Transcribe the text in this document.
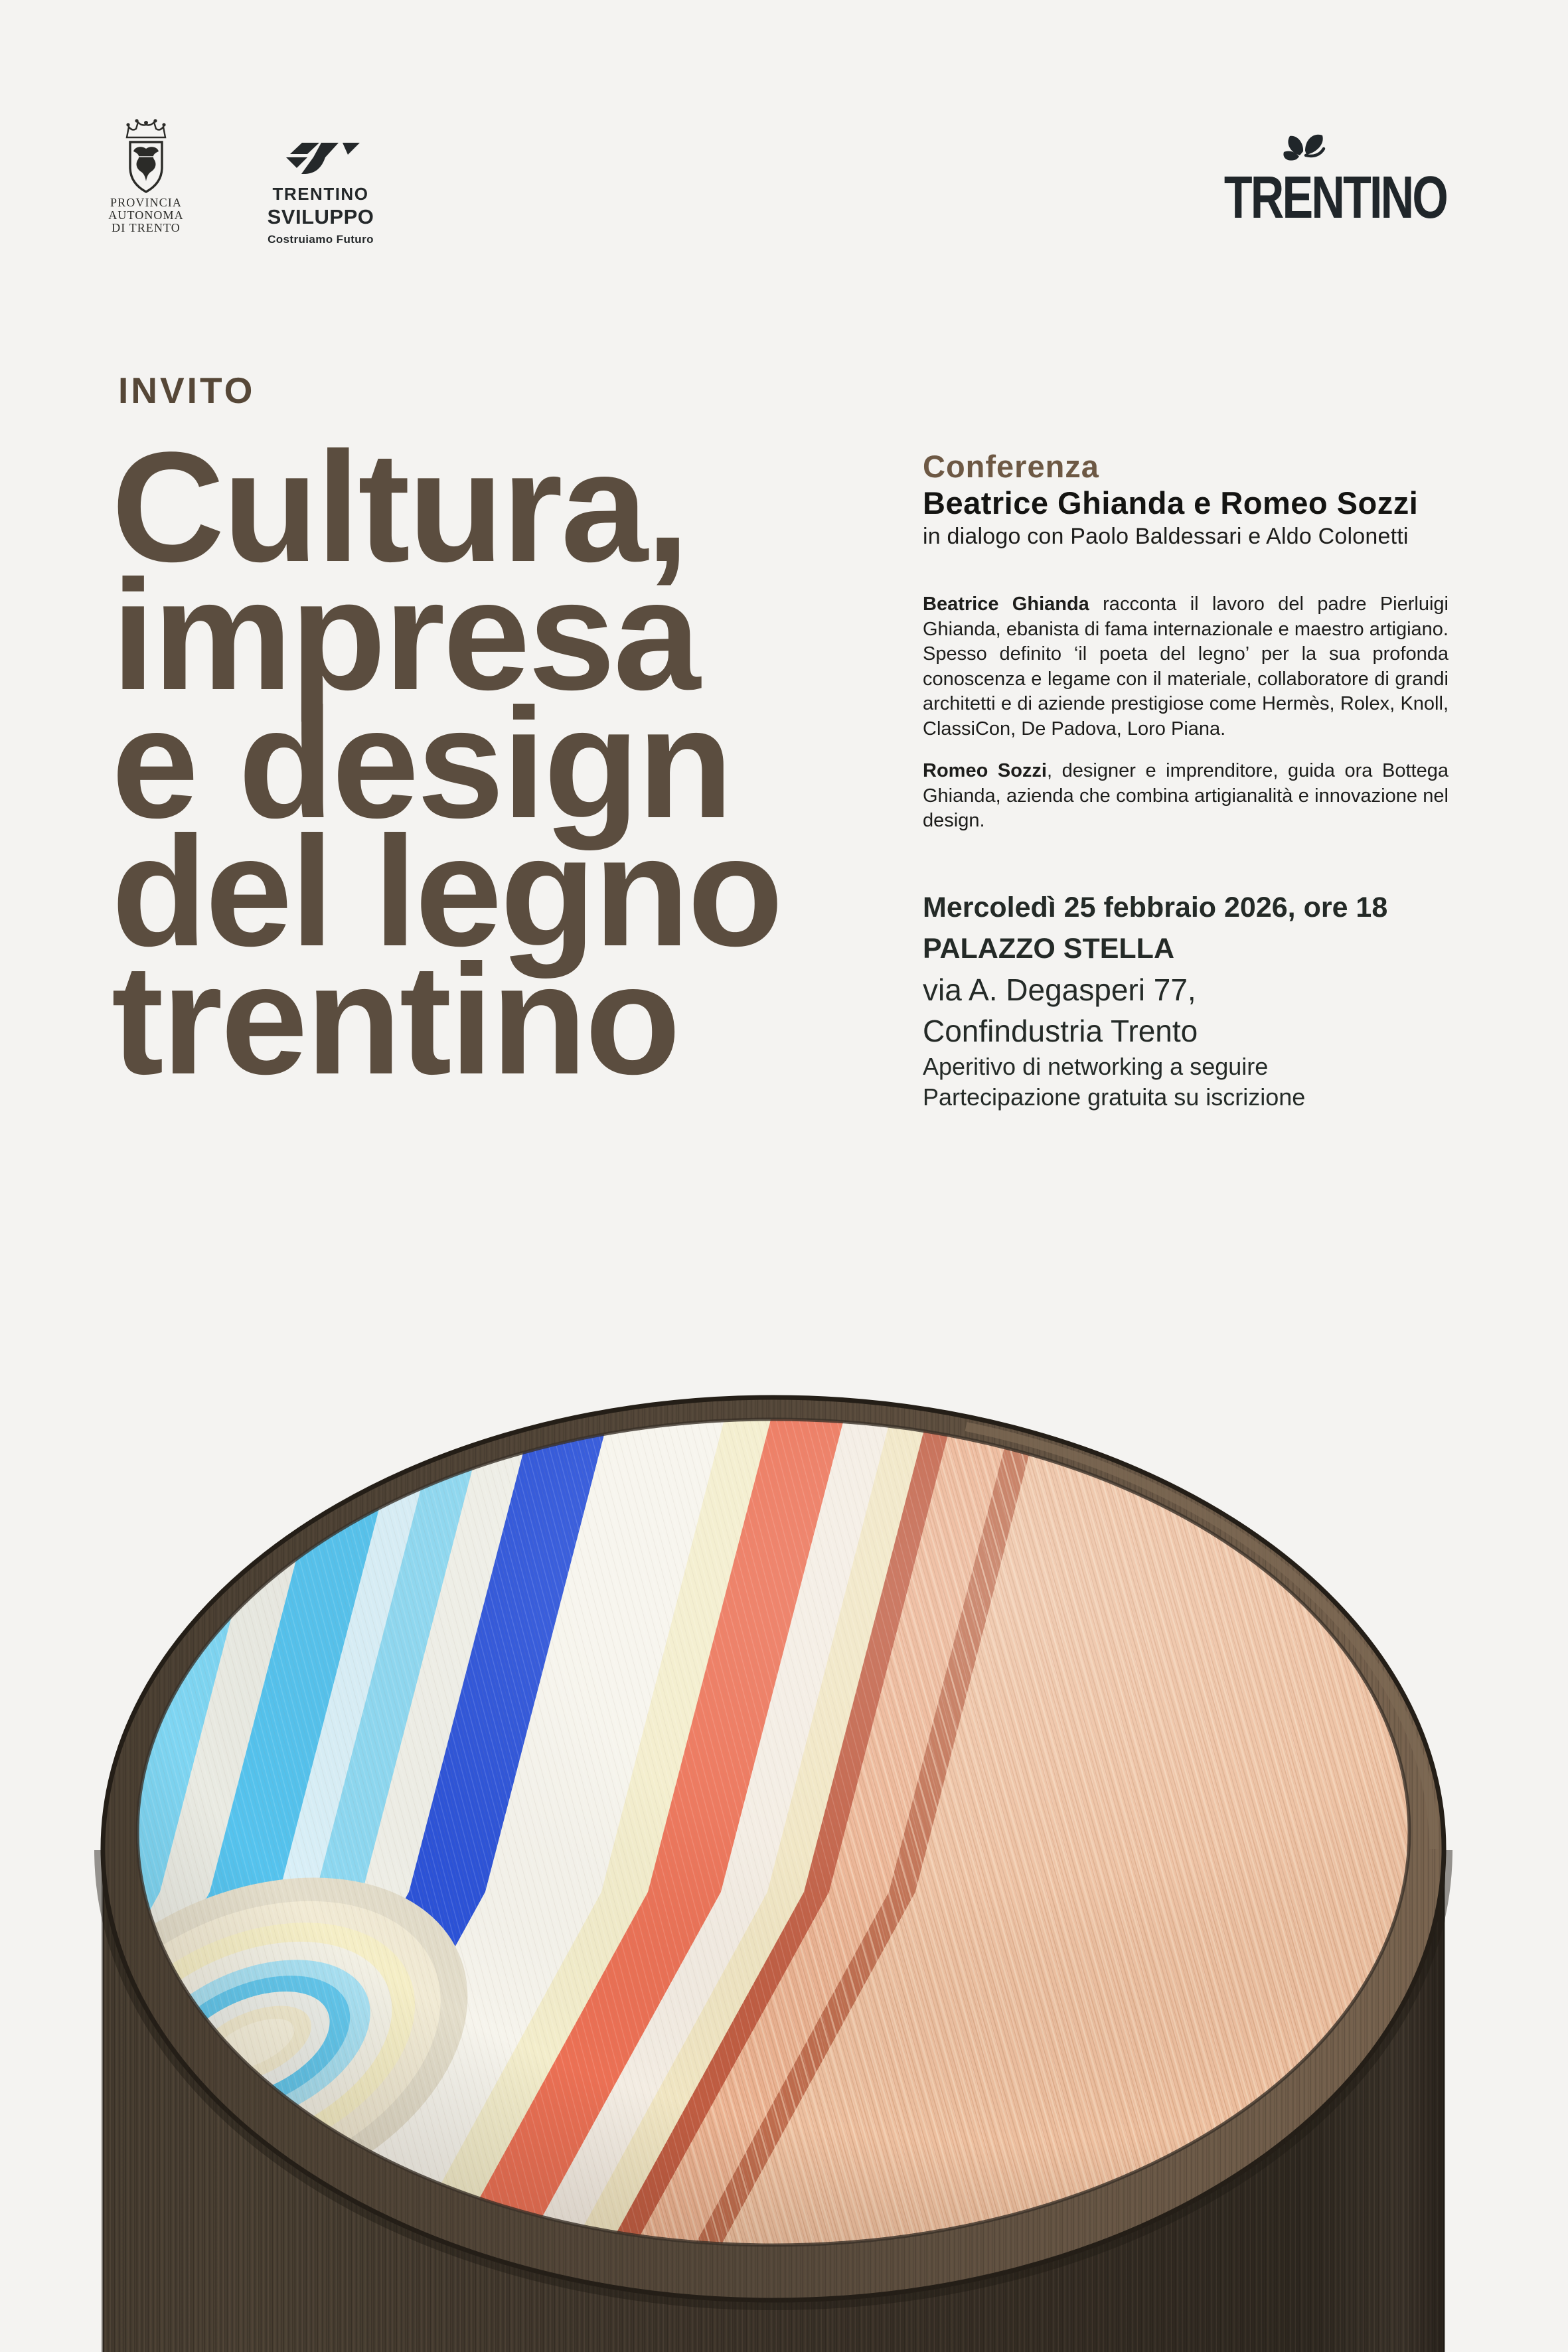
PROVINCIA
AUTONOMA
DI TRENTO
TRENTINO
SVILUPPO
Costruiamo Futuro
TRENTINO
INVITO
Cultura,
impresa
e design
del legno
trentino
Conferenza
Beatrice Ghianda e Romeo Sozzi
in dialogo con Paolo Baldessari e Aldo Colonetti

Beatrice Ghianda racconta il lavoro del padre Pierluigi Ghianda, ebanista di fama internazionale e maestro artigiano. Spesso definito ‘il poeta del legno’ per la sua profonda conoscenza e legame con il materiale, collaboratore di grandi architetti e di aziende prestigiose come Hermès, Rolex, Knoll, ClassiCon, De Padova, Loro Piana.

Romeo Sozzi, designer e imprenditore, guida ora Bottega Ghianda, azienda che combina artigianalità e innovazione nel design.

Mercoledì 25 febbraio 2026, ore 18
PALAZZO STELLA
via A. Degasperi 77,
Confindustria Trento
Aperitivo di networking a seguire
Partecipazione gratuita su iscrizione
